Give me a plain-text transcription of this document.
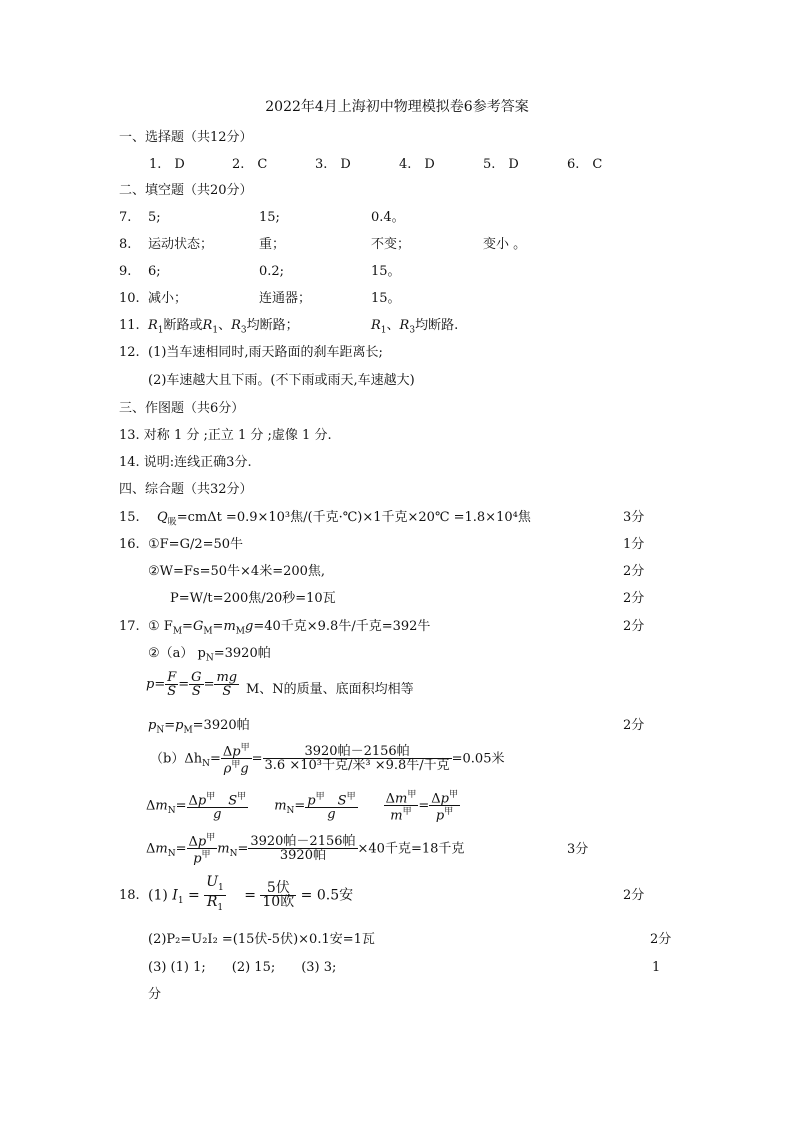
2022年4月上海初中物理模拟卷6参考答案
一、选择题（共12分）
1.　D	2.　C	3.　D	4.　D	5.　D	6.　C
二、填空题（共20分）
7. 5;	15;	0.4。
8. 运动状态；	重；	不变；	变小 。
9. 6;	0.2;	15。
10. 减小；	连通器；	15。
11. $R_1$断路或$R_1$、$R_3$均断路；	$R_1$、$R_3$均断路.
12. (1)当车速相同时,雨天路面的刹车距离长;
(2)车速越大且下雨。(不下雨或雨天,车速越大)
三、作图题（共6分）
13. 对称 1 分 ;正立 1 分 ;虚像 1 分.
14. 说明:连线正确3分.
四、综合题（共32分）
15. $Q_吸=cm\Delta t =0.9\times 10^3$焦/(千克·℃)×1千克×20℃ =1.8×10⁴焦	3分
16. ①F=G/2=50牛	1分
②W=Fs=50牛×4米=200焦,	2分
P=W/t=200焦/20秒=10瓦	2分
17. ① $F_M=G_M=m_Mg=40$千克×9.8牛/千克=392牛	2分
②（a） $p_N=3920$帕
$p= \frac{F}{S} = \frac{G}{S} = \frac{mg}{S}$ M、N的质量、底面积均相等
$p_N=p_M=3920$帕	2分
$(b)\Delta h_N= \frac{\Delta p^甲}{\rho^甲g} = \frac{\text{3920帕－2156帕}}{\text{3.6 ×10³千克/米³ ×9.8牛/千克}} =0.05$米
$\Delta m_N= \frac{\Delta p^甲 S^甲}{g}$
　　 $m_N= \frac{p^甲 S^甲}{g}$
　　 $\frac{\Delta m^甲}{m^甲} = \frac{\Delta p^甲}{p^甲}$
$\Delta m_N= \frac{\Delta p^甲}{p^甲} m_N= \frac{\text{3920帕－2156帕}}{\text{3920帕}} \times 40$千克=18千克	3分
18. (1) $I_1 = \frac{U_1}{R_1}$ 　= $\frac{\text{5伏}}{\text{10欧}} = 0.5$安	2分
(2)P₂=U₂I₂ =(15伏-5伏)×0.1安=1瓦	2分
(3) (1) 1;　　(2) 15;　　(3) 3;	1
分
